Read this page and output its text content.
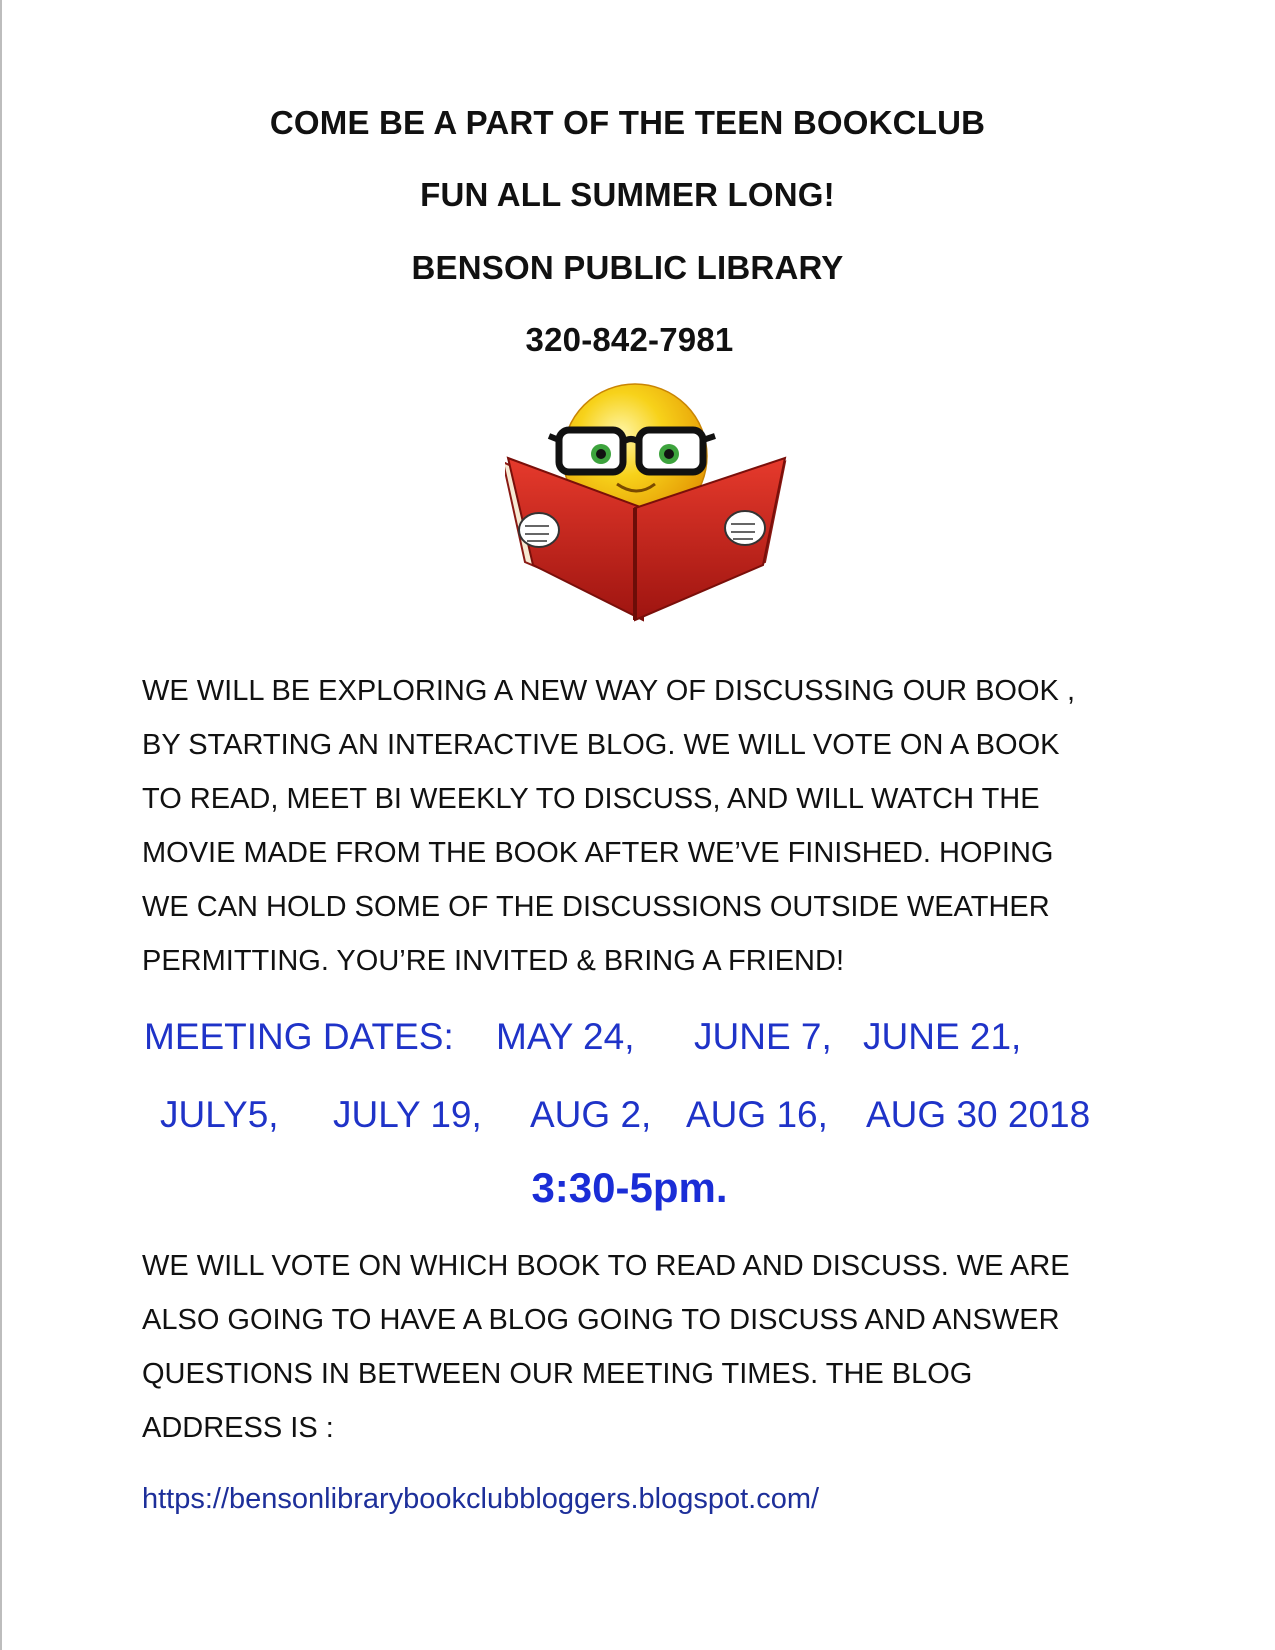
COME BE A PART OF THE TEEN BOOKCLUB
FUN ALL SUMMER LONG!
BENSON PUBLIC LIBRARY
320-842-7981
WE WILL BE EXPLORING A NEW WAY OF DISCUSSING OUR BOOK ,
BY STARTING AN INTERACTIVE BLOG. WE WILL VOTE ON A BOOK
TO READ, MEET BI WEEKLY TO DISCUSS, AND WILL WATCH THE
MOVIE MADE FROM THE BOOK AFTER WE’VE FINISHED. HOPING
WE CAN HOLD SOME OF THE DISCUSSIONS OUTSIDE WEATHER
PERMITTING. YOU’RE INVITED & BRING A FRIEND!
MEETING DATES: MAY 24, JUNE 7, JUNE 21,
JULY5, JULY 19, AUG 2, AUG 16, AUG 30 2018
3:30-5pm.
WE WILL VOTE ON WHICH BOOK TO READ AND DISCUSS. WE ARE
ALSO GOING TO HAVE A BLOG GOING TO DISCUSS AND ANSWER
QUESTIONS IN BETWEEN OUR MEETING TIMES. THE BLOG
ADDRESS IS :
https://bensonlibrarybookclubbloggers.blogspot.com/
